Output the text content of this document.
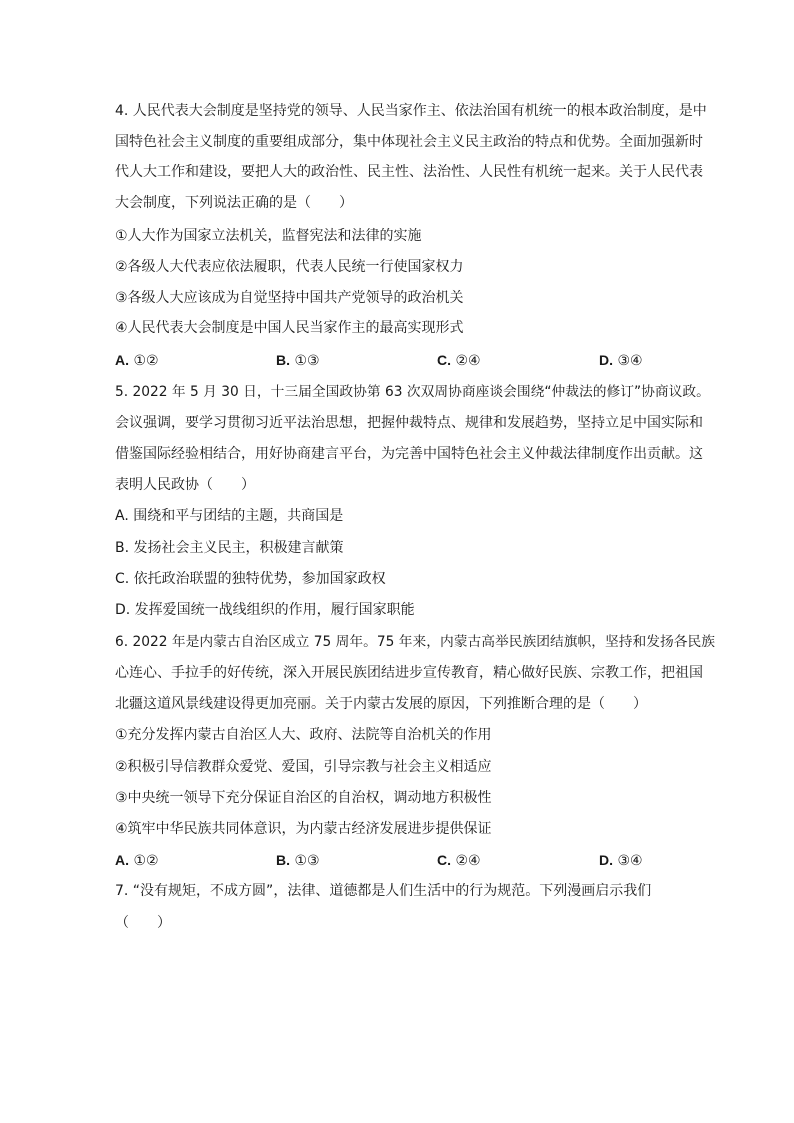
4. 人民代表大会制度是坚持党的领导、人民当家作主、依法治国有机统一的根本政治制度，是中
国特色社会主义制度的重要组成部分，集中体现社会主义民主政治的特点和优势。全面加强新时
代人大工作和建设，要把人大的政治性、民主性、法治性、人民性有机统一起来。关于人民代表
大会制度，下列说法正确的是（　　）
①人大作为国家立法机关，监督宪法和法律的实施
②各级人大代表应依法履职，代表人民统一行使国家权力
③各级人大应该成为自觉坚持中国共产党领导的政治机关
④人民代表大会制度是中国人民当家作主的最高实现形式
A. ①②	B. ①③	C. ②④	D. ③④
5. 2022 年 5 月 30 日，十三届全国政协第 63 次双周协商座谈会围绕“仲裁法的修订”协商议政。
会议强调，要学习贯彻习近平法治思想，把握仲裁特点、规律和发展趋势，坚持立足中国实际和
借鉴国际经验相结合，用好协商建言平台，为完善中国特色社会主义仲裁法律制度作出贡献。这
表明人民政协（　　）
A. 围绕和平与团结的主题，共商国是
B. 发扬社会主义民主，积极建言献策
C. 依托政治联盟的独特优势，参加国家政权
D. 发挥爱国统一战线组织的作用，履行国家职能
6. 2022 年是内蒙古自治区成立 75 周年。75 年来，内蒙古高举民族团结旗帜，坚持和发扬各民族
心连心、手拉手的好传统，深入开展民族团结进步宣传教育，精心做好民族、宗教工作，把祖国
北疆这道风景线建设得更加亮丽。关于内蒙古发展的原因，下列推断合理的是（　　）
①充分发挥内蒙古自治区人大、政府、法院等自治机关的作用
②积极引导信教群众爱党、爱国，引导宗教与社会主义相适应
③中央统一领导下充分保证自治区的自治权，调动地方积极性
④筑牢中华民族共同体意识，为内蒙古经济发展进步提供保证
A. ①②	B. ①③	C. ②④	D. ③④
7. “没有规矩，不成方圆”，法律、道德都是人们生活中的行为规范。下列漫画启示我们
（　　）
